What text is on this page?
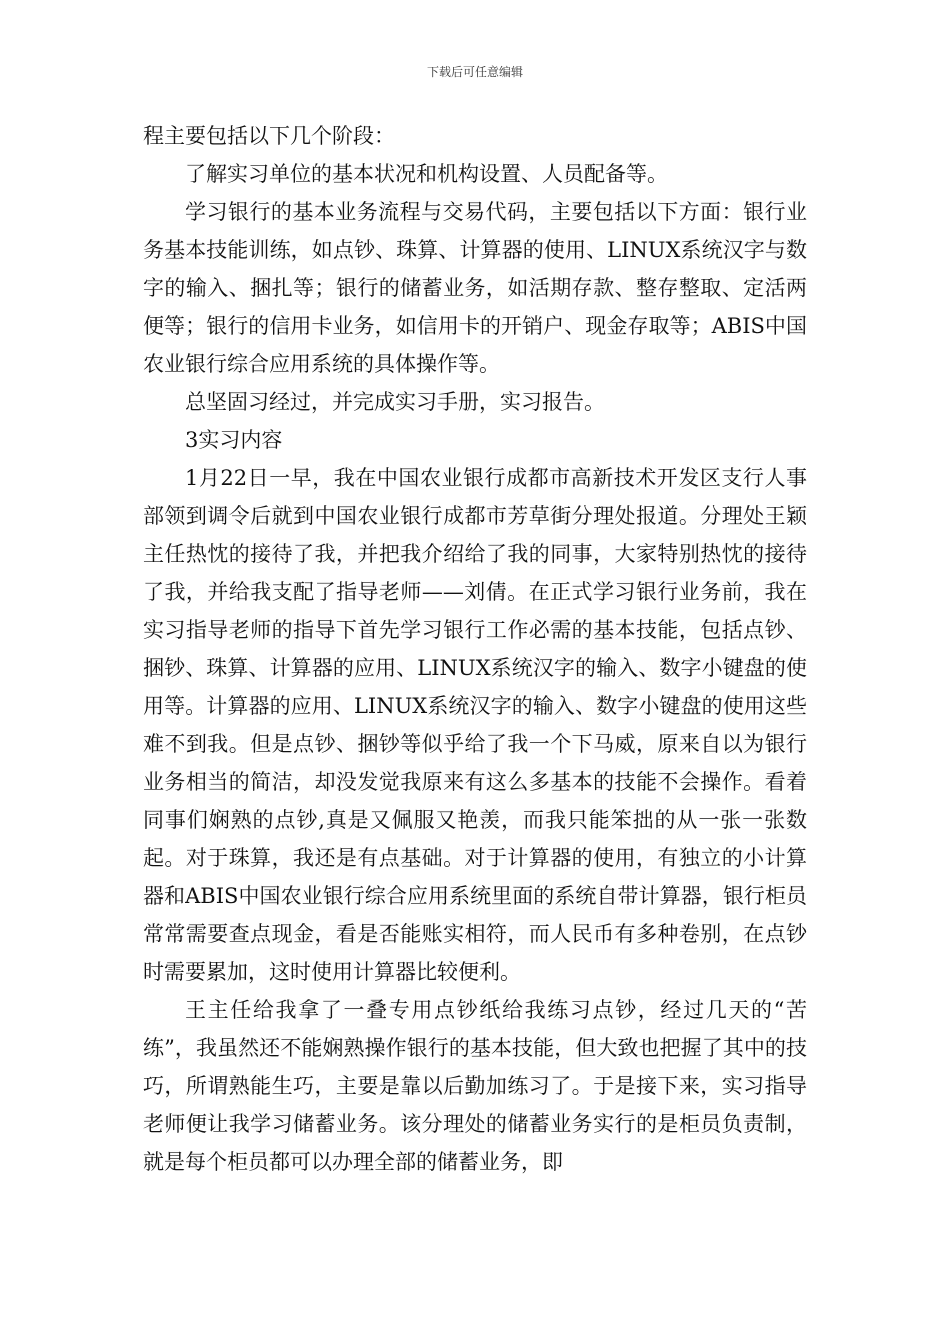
下载后可任意编辑

程主要包括以下几个阶段：

了解实习单位的基本状况和机构设置、人员配备等。

学习银行的基本业务流程与交易代码，主要包括以下方面：银行业务基本技能训练，如点钞、珠算、计算器的使用、LINUX系统汉字与数字的输入、捆扎等；银行的储蓄业务，如活期存款、整存整取、定活两便等；银行的信用卡业务，如信用卡的开销户、现金存取等；ABIS中国农业银行综合应用系统的具体操作等。

总坚固习经过，并完成实习手册，实习报告。

3实习内容

1月22日一早，我在中国农业银行成都市高新技术开发区支行人事部领到调令后就到中国农业银行成都市芳草街分理处报道。分理处王颖主任热忱的接待了我，并把我介绍给了我的同事，大家特别热忱的接待了我，并给我支配了指导老师——刘倩。在正式学习银行业务前，我在实习指导老师的指导下首先学习银行工作必需的基本技能，包括点钞、捆钞、珠算、计算器的应用、LINUX系统汉字的输入、数字小键盘的使用等。计算器的应用、LINUX系统汉字的输入、数字小键盘的使用这些难不到我。但是点钞、捆钞等似乎给了我一个下马威，原来自以为银行业务相当的简洁，却没发觉我原来有这么多基本的技能不会操作。看着同事们娴熟的点钞,真是又佩服又艳羡，而我只能笨拙的从一张一张数起。对于珠算，我还是有点基础。对于计算器的使用，有独立的小计算器和ABIS中国农业银行综合应用系统里面的系统自带计算器，银行柜员常常需要查点现金，看是否能账实相符，而人民币有多种卷别，在点钞时需要累加，这时使用计算器比较便利。

王主任给我拿了一叠专用点钞纸给我练习点钞，经过几天的“苦练”，我虽然还不能娴熟操作银行的基本技能，但大致也把握了其中的技巧，所谓熟能生巧，主要是靠以后勤加练习了。于是接下来，实习指导老师便让我学习储蓄业务。该分理处的储蓄业务实行的是柜员负责制，就是每个柜员都可以办理全部的储蓄业务，即
